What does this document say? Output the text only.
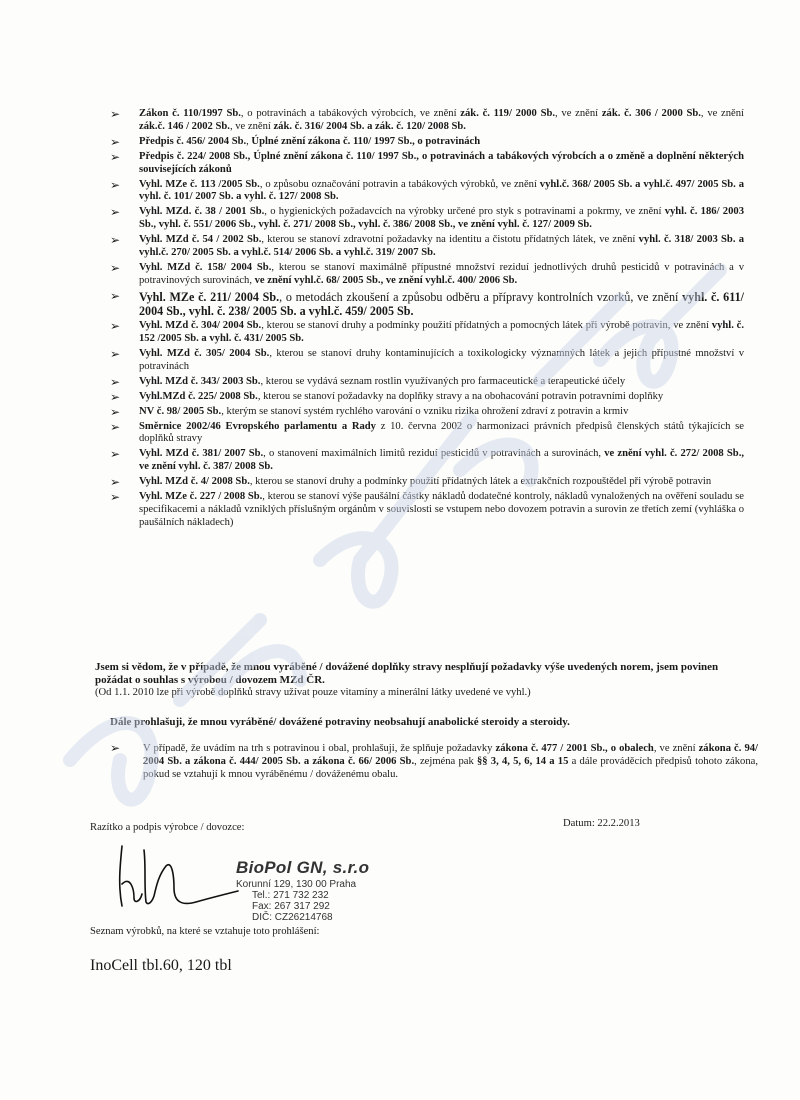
➢ Zákon č. 110/1997 Sb., o potravinách a tabákových výrobcích, ve znění zák. č. 119/ 2000 Sb., ve znění zák. č. 306 / 2000 Sb., ve znění zák.č. 146 / 2002 Sb., ve znění zák. č. 316/ 2004 Sb. a zák. č. 120/ 2008 Sb.
➢ Předpis č. 456/ 2004 Sb., Úplné znění zákona č. 110/ 1997 Sb., o potravinách
➢ Předpis č. 224/ 2008 Sb., Úplné znění zákona č. 110/ 1997 Sb., o potravinách a tabákových výrobcích a o změně a doplnění některých souvisejících zákonů
➢ Vyhl. MZe č. 113 /2005 Sb., o způsobu označování potravin a tabákových výrobků, ve znění vyhl.č. 368/ 2005 Sb. a vyhl.č. 497/ 2005 Sb. a vyhl. č. 101/ 2007 Sb. a vyhl. č. 127/ 2008 Sb.
➢ Vyhl. MZd. č. 38 / 2001 Sb., o hygienických požadavcích na výrobky určené pro styk s potravinami a pokrmy, ve znění vyhl. č. 186/ 2003 Sb., vyhl. č. 551/ 2006 Sb., vyhl. č. 271/ 2008 Sb., vyhl. č. 386/ 2008 Sb., ve znění vyhl. č. 127/ 2009 Sb.
➢ Vyhl. MZd č. 54 / 2002 Sb., kterou se stanoví zdravotní požadavky na identitu a čistotu přídatných látek, ve znění vyhl. č. 318/ 2003 Sb. a vyhl.č. 270/ 2005 Sb. a vyhl.č. 514/ 2006 Sb. a vyhl.č. 319/ 2007 Sb.
➢ Vyhl. MZd č. 158/ 2004 Sb., kterou se stanoví maximálně přípustné množství reziduí jednotlivých druhů pesticidů v potravinách a v potravinových surovinách, ve znění vyhl.č. 68/ 2005 Sb., ve znění vyhl.č. 400/ 2006 Sb.
➢ Vyhl. MZe č. 211/ 2004 Sb., o metodách zkoušení a způsobu odběru a přípravy kontrolních vzorků, ve znění vyhl. č. 611/ 2004 Sb., vyhl. č. 238/ 2005 Sb. a vyhl.č. 459/ 2005 Sb.
➢ Vyhl. MZd č. 304/ 2004 Sb., kterou se stanoví druhy a podmínky použití přídatných a pomocných látek při výrobě potravin, ve znění vyhl. č. 152 /2005 Sb. a vyhl. č. 431/ 2005 Sb.
➢ Vyhl. MZd č. 305/ 2004 Sb., kterou se stanoví druhy kontaminujících a toxikologicky významných látek a jejich přípustné množství v potravinách
➢ Vyhl. MZd č. 343/ 2003 Sb., kterou se vydává seznam rostlin využívaných pro farmaceutické a terapeutické účely
➢ Vyhl.MZd č. 225/ 2008 Sb., kterou se stanoví požadavky na doplňky stravy a na obohacování potravin potravními doplňky
➢ NV č. 98/ 2005 Sb., kterým se stanoví systém rychlého varování o vzniku rizika ohrožení zdraví z potravin a krmiv
➢ Směrnice 2002/46 Evropského parlamentu a Rady z 10. června 2002 o harmonizaci právních předpisů členských států týkajících se doplňků stravy
➢ Vyhl. MZd č. 381/ 2007 Sb., o stanovení maximálních limitů reziduí pesticidů v potravinách a surovinách, ve znění vyhl. č. 272/ 2008 Sb., ve znění vyhl. č. 387/ 2008 Sb.
➢ Vyhl. MZd č. 4/ 2008 Sb., kterou se stanoví druhy a podmínky použití přídatných látek a extrakčních rozpouštědel při výrobě potravin
➢ Vyhl. MZe č. 227 / 2008 Sb., kterou se stanoví výše paušální částky nákladů dodatečné kontroly, nákladů vynaložených na ověření souladu se specifikacemi a nákladů vzniklých příslušným orgánům v souvislosti se vstupem nebo dovozem potravin a surovin ze třetích zemí (vyhláška o paušálních nákladech)
Jsem si vědom, že v případě, že mnou vyráběné / dovážené doplňky stravy nesplňují požadavky výše uvedených norem, jsem povinen požádat o souhlas s výrobou / dovozem MZd ČR.
(Od 1.1. 2010 lze při výrobě doplňků stravy užívat pouze vitamíny a minerální látky uvedené ve vyhl.)
Dále prohlašuji, že mnou vyráběné/ dovážené potraviny neobsahují anabolické steroidy a steroidy.
➢ V případě, že uvádím na trh s potravinou i obal, prohlašuji, že splňuje požadavky zákona č. 477 / 2001 Sb., o obalech, ve znění zákona č. 94/ 2004 Sb. a zákona č. 444/ 2005 Sb. a zákona č. 66/ 2006 Sb., zejména pak §§ 3, 4, 5, 6, 14 a 15 a dále prováděcích předpisů tohoto zákona, pokud se vztahují k mnou vyráběnému / dováženému obalu.
Razítko a podpis výrobce / dovozce:	Datum: 22.2.2013
BioPol GN, s.r.o
Korunní 129, 130 00 Praha
Tel.: 271 732 232
Fax: 267 317 292
DIČ: CZ26214768
Seznam výrobků, na které se vztahuje toto prohlášení:
InoCell tbl.60, 120 tbl
